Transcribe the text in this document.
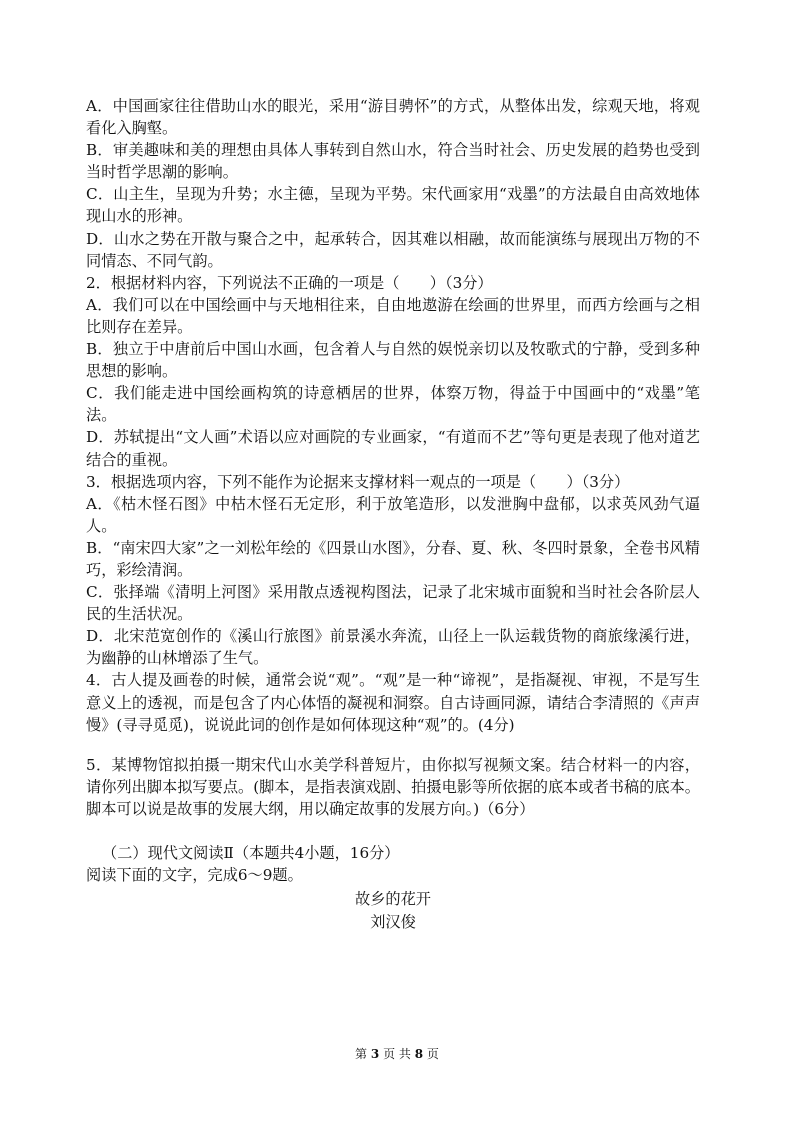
A．中国画家往往借助山水的眼光，采用“游目骋怀”的方式，从整体出发，综观天地，将观看化入胸壑。

B．审美趣味和美的理想由具体人事转到自然山水，符合当时社会、历史发展的趋势也受到当时哲学思潮的影响。

C．山主生，呈现为升势；水主德，呈现为平势。宋代画家用“戏墨”的方法最自由高效地体现山水的形神。

D．山水之势在开散与聚合之中，起承转合，因其难以相融，故而能演练与展现出万物的不同情态、不同气韵。

2．根据材料内容，下列说法不正确的一项是（　　）（3分）

A．我们可以在中国绘画中与天地相往来，自由地遨游在绘画的世界里，而西方绘画与之相比则存在差异。

B．独立于中唐前后中国山水画，包含着人与自然的娱悦亲切以及牧歌式的宁静，受到多种思想的影响。

C．我们能走进中国绘画构筑的诗意栖居的世界，体察万物，得益于中国画中的“戏墨”笔法。

D．苏轼提出“文人画”术语以应对画院的专业画家，“有道而不艺”等句更是表现了他对道艺结合的重视。

3．根据选项内容，下列不能作为论据来支撑材料一观点的一项是（　　）（3分）

A．《枯木怪石图》中枯木怪石无定形，利于放笔造形，以发泄胸中盘郁，以求英风劲气逼人。

B．“南宋四大家”之一刘松年绘的《四景山水图》，分春、夏、秋、冬四时景象，全卷书风精巧，彩绘清润。

C．张择端《清明上河图》采用散点透视构图法，记录了北宋城市面貌和当时社会各阶层人民的生活状况。

D．北宋范宽创作的《溪山行旅图》前景溪水奔流，山径上一队运载货物的商旅缘溪行进，为幽静的山林增添了生气。

4．古人提及画卷的时候，通常会说“观”。“观”是一种“谛视”，是指凝视、审视，不是写生意义上的透视，而是包含了内心体悟的凝视和洞察。自古诗画同源，请结合李清照的《声声慢》(寻寻觅觅)，说说此词的创作是如何体现这种“观”的。(4分)

5．某博物馆拟拍摄一期宋代山水美学科普短片，由你拟写视频文案。结合材料一的内容，请你列出脚本拟写要点。(脚本，是指表演戏剧、拍摄电影等所依据的底本或者书稿的底本。脚本可以说是故事的发展大纲，用以确定故事的发展方向。)（6分）

（二）现代文阅读Ⅱ（本题共4小题，16分）

阅读下面的文字，完成6～9题。

故乡的花开

刘汉俊

第 3 页 共 8 页
